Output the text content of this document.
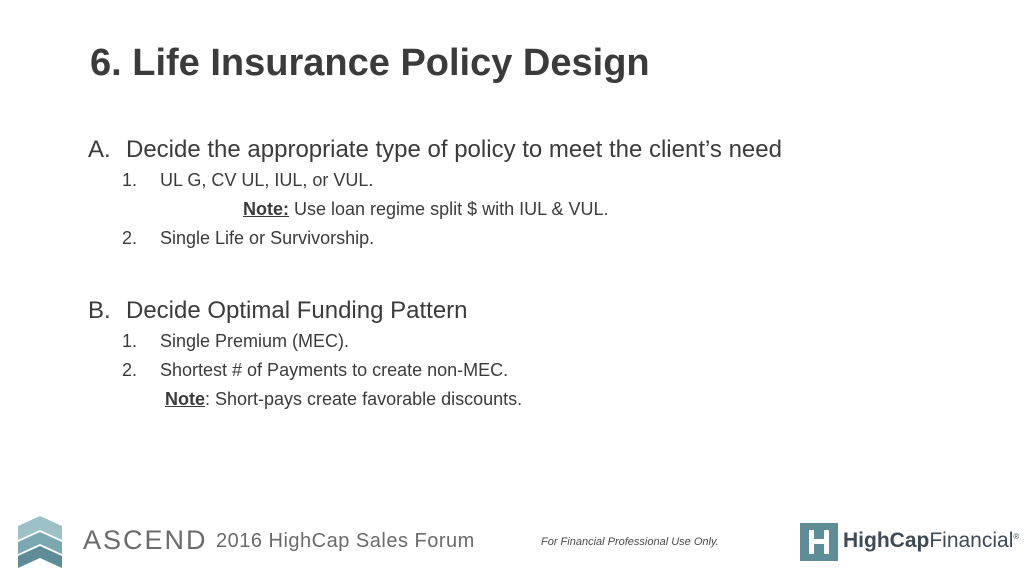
6. Life Insurance Policy Design
A. Decide the appropriate type of policy to meet the client’s need
1. UL G, CV UL, IUL, or VUL.
Note: Use loan regime split $ with IUL & VUL.
2. Single Life or Survivorship.
B. Decide Optimal Funding Pattern
1. Single Premium (MEC).
2. Shortest # of Payments to create non-MEC.
Note: Short-pays create favorable discounts.
ASCEND 2016 HighCap Sales Forum	For Financial Professional Use Only.	HighCapFinancial®
